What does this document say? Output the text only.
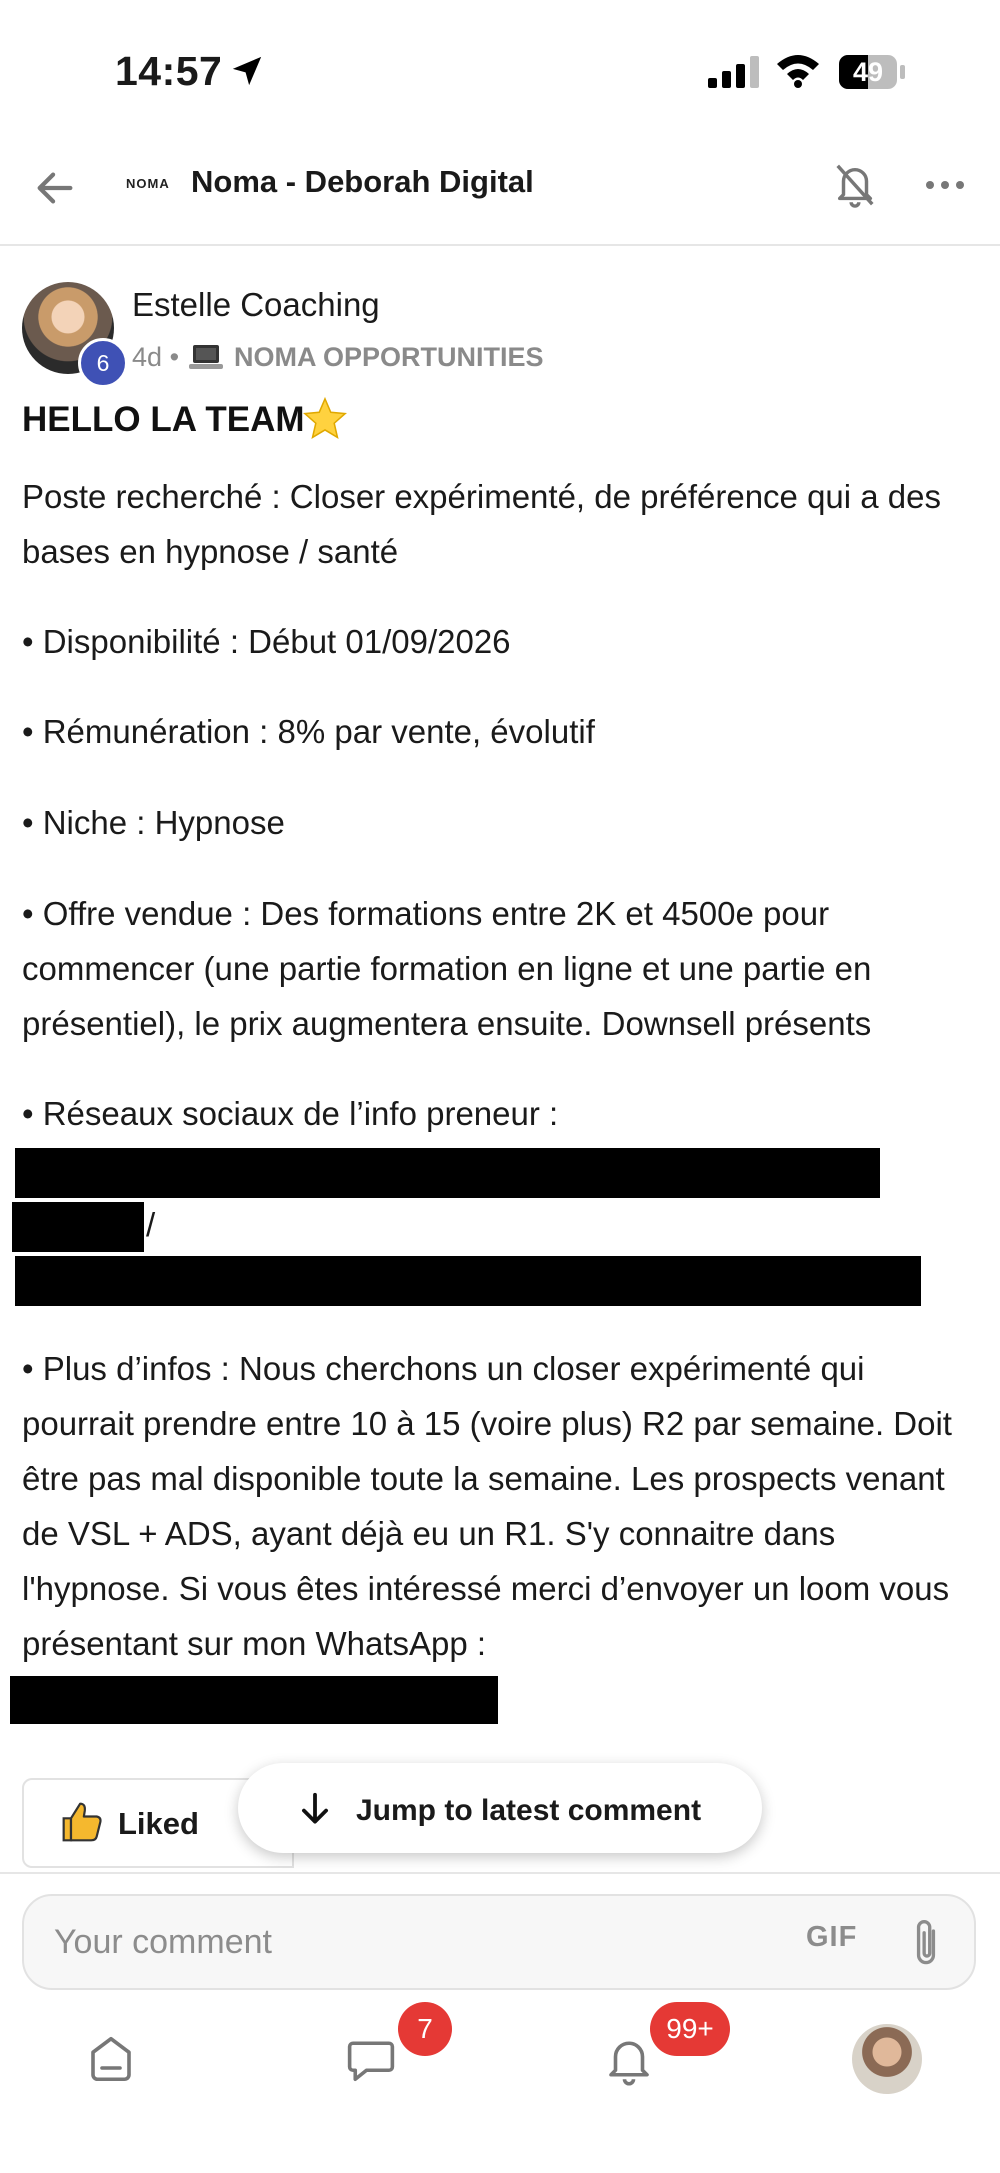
14:57	49
NOMA Noma - Deborah Digital
6
Estelle Coaching
4d • NOMA OPPORTUNITIES
HELLO LA TEAM

Poste recherché : Closer expérimenté, de préférence qui a des bases en hypnose / santé

• Disponibilité : Début 01/09/2026

• Rémunération : 8% par vente, évolutif

• Niche : Hypnose

• Offre vendue : Des formations entre 2K et 4500e pour commencer (une partie formation en ligne et une partie en présentiel), le prix augmentera ensuite. Downsell présents

• Réseaux sociaux de l’info preneur :

/

• Plus d’infos : Nous cherchons un closer expérimenté qui pourrait prendre entre 10 à 15 (voire plus) R2 par semaine. Doit être pas mal disponible toute la semaine. Les prospects venant de VSL + ADS, ayant déjà eu un R1. S'y connaitre dans l'hypnose. Si vous êtes intéressé merci d’envoyer un loom vous présentant sur mon WhatsApp :

Liked	Jump to latest comment
Your comment
GIF
7	99+
